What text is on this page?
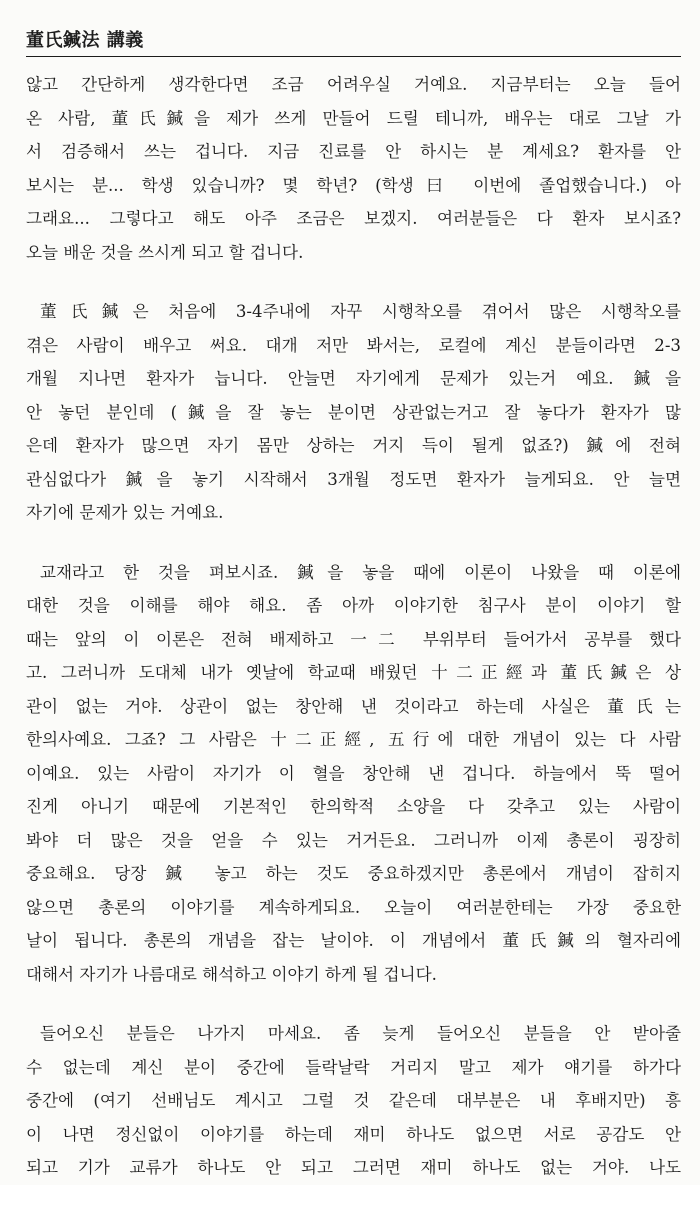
董氏鍼法 講義
않고 간단하게 생각한다면 조금 어려우실 거예요. 지금부터는 오늘 들어
온 사람, 董氏鍼을 제가 쓰게 만들어 드릴 테니까, 배우는 대로 그날 가
서 검증해서 쓰는 겁니다. 지금 진료를 안 하시는 분 계세요? 환자를 안
보시는 분... 학생 있습니까? 몇 학년? (학생曰 이번에 졸업했습니다.) 아
그래요... 그렇다고 해도 아주 조금은 보겠지. 여러분들은 다 환자 보시죠?
오늘 배운 것을 쓰시게 되고 할 겁니다.
董氏鍼은 처음에 3-4주내에 자꾸 시행착오를 겪어서 많은 시행착오를
겪은 사람이 배우고 써요. 대개 저만 봐서는, 로컬에 계신 분들이라면 2-3
개월 지나면 환자가 늡니다. 안늘면 자기에게 문제가 있는거 예요. 鍼을
안 놓던 분인데 (鍼을 잘 놓는 분이면 상관없는거고 잘 놓다가 환자가 많
은데 환자가 많으면 자기 몸만 상하는 거지 득이 될게 없죠?) 鍼에 전혀
관심없다가 鍼을 놓기 시작해서 3개월 정도면 환자가 늘게되요. 안 늘면
자기에 문제가 있는 거예요.
교재라고 한 것을 펴보시죠. 鍼을 놓을 때에 이론이 나왔을 때 이론에
대한 것을 이해를 해야 해요. 좀 아까 이야기한 침구사 분이 이야기 할
때는 앞의 이 이론은 전혀 배제하고 一二 부위부터 들어가서 공부를 했다
고. 그러니까 도대체 내가 옛날에 학교때 배웠던 十二正經과 董氏鍼은 상
관이 없는 거야. 상관이 없는 창안해 낸 것이라고 하는데 사실은 董氏는
한의사예요. 그죠? 그 사람은 十二正經, 五行에 대한 개념이 있는 다 사람
이예요. 있는 사람이 자기가 이 혈을 창안해 낸 겁니다. 하늘에서 뚝 떨어
진게 아니기 때문에 기본적인 한의학적 소양을 다 갖추고 있는 사람이
봐야 더 많은 것을 얻을 수 있는 거거든요. 그러니까 이제 총론이 굉장히
중요해요. 당장 鍼 놓고 하는 것도 중요하겠지만 총론에서 개념이 잡히지
않으면 총론의 이야기를 계속하게되요. 오늘이 여러분한테는 가장 중요한
날이 됩니다. 총론의 개념을 잡는 날이야. 이 개념에서 董氏鍼의 혈자리에
대해서 자기가 나름대로 해석하고 이야기 하게 될 겁니다.
들어오신 분들은 나가지 마세요. 좀 늦게 들어오신 분들을 안 받아줄
수 없는데 계신 분이 중간에 들락날락 거리지 말고 제가 얘기를 하가다
중간에 (여기 선배님도 계시고 그럴 것 같은데 대부분은 내 후배지만) 흥
이 나면 정신없이 이야기를 하는데 재미 하나도 없으면 서로 공감도 안
되고 기가 교류가 하나도 안 되고 그러면 재미 하나도 없는 거야. 나도
